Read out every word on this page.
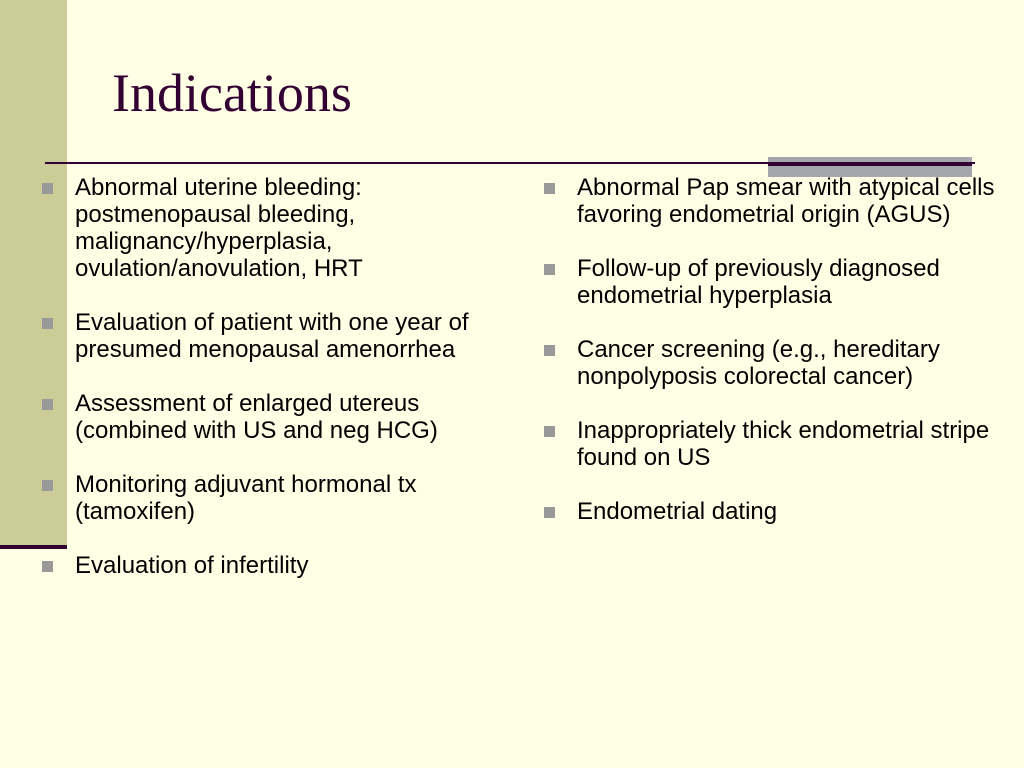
Indications
Abnormal uterine bleeding: postmenopausal bleeding, malignancy/hyperplasia, ovulation/anovulation, HRT
Evaluation of patient with one year of presumed menopausal amenorrhea
Assessment of enlarged utereus (combined with US and neg HCG)
Monitoring adjuvant hormonal tx (tamoxifen)
Evaluation of infertility
Abnormal Pap smear with atypical cells favoring endometrial origin (AGUS)
Follow-up of previously diagnosed endometrial hyperplasia
Cancer screening (e.g., hereditary nonpolyposis colorectal cancer)
Inappropriately thick endometrial stripe found on US
Endometrial dating
